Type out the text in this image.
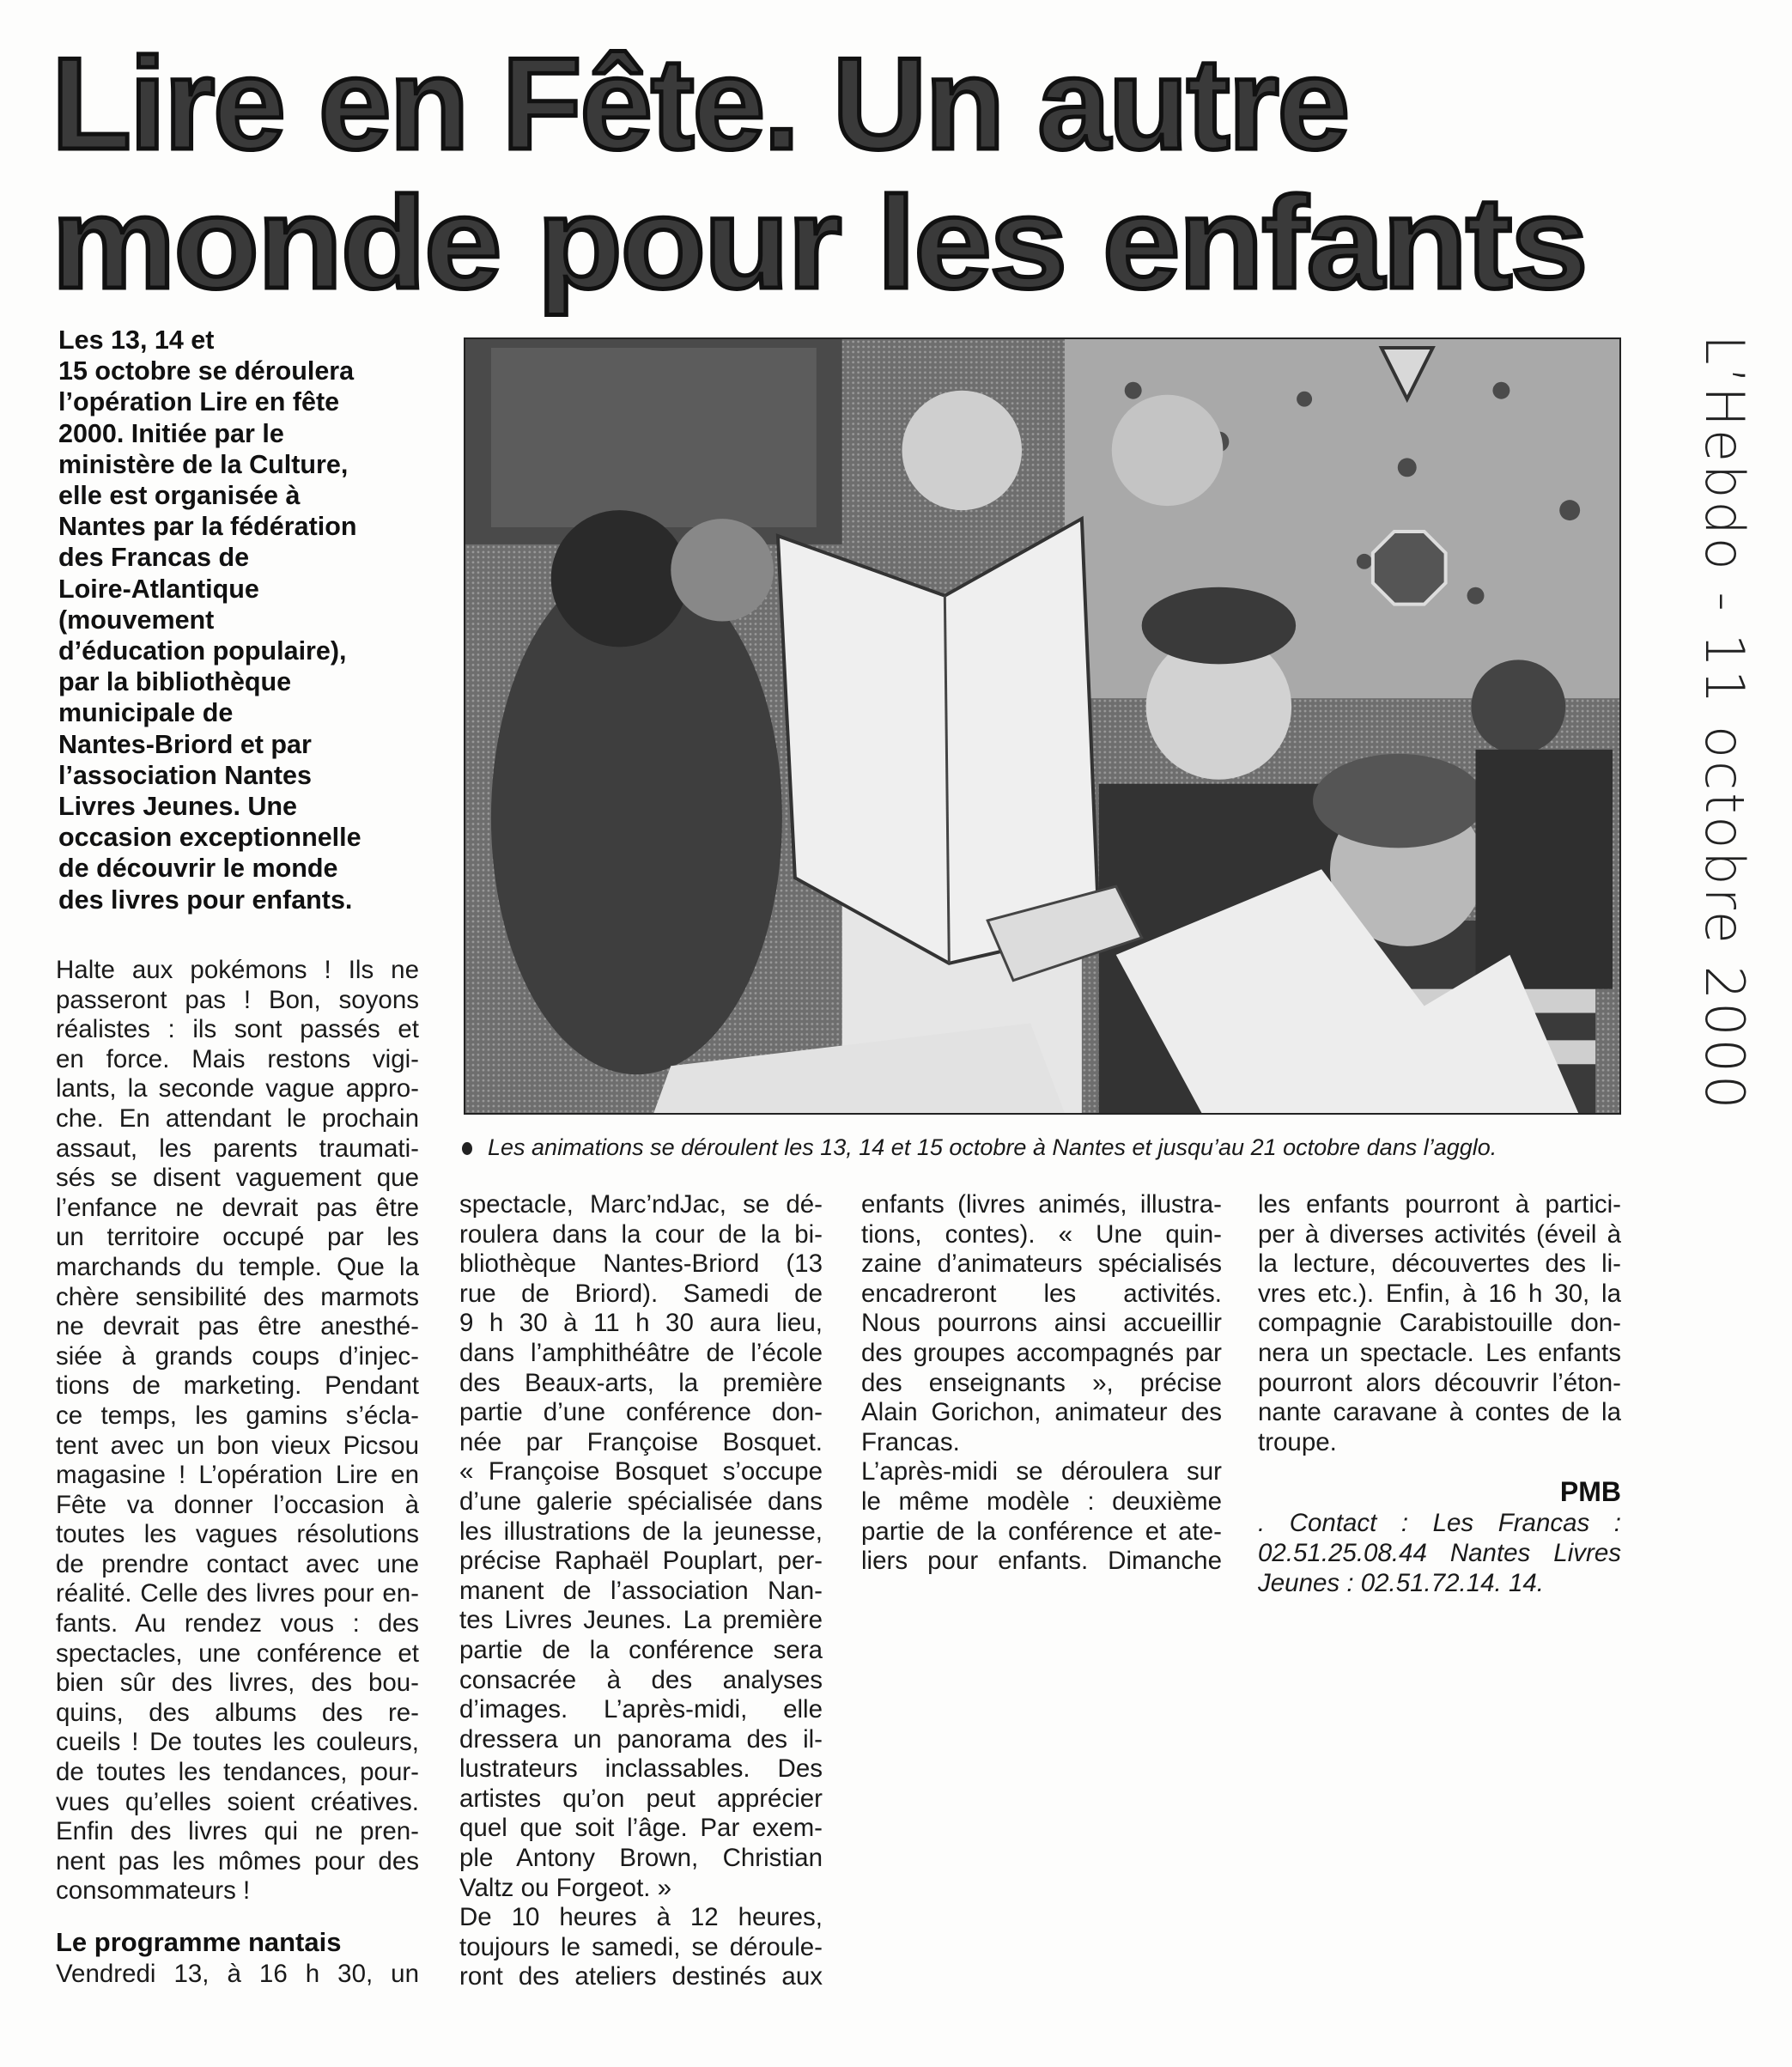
Lire en Fête. Un autre
monde pour les enfants
Les 13, 14 et
15 octobre se déroulera
l’opération Lire en fête
2000. Initiée par le
ministère de la Culture,
elle est organisée à
Nantes par la fédération
des Francas de
Loire-Atlantique
(mouvement
d’éducation populaire),
par la bibliothèque
municipale de
Nantes-Briord et par
l’association Nantes
Livres Jeunes. Une
occasion exceptionnelle
de découvrir le monde
des livres pour enfants.
Les animations se déroulent les 13, 14 et 15 octobre à Nantes et jusqu’au 21 octobre dans l’agglo.
L’Hebdo - 11 octobre 2000
Halte aux pokémons ! Ils ne
passeront pas ! Bon, soyons
réalistes : ils sont passés et
en force. Mais restons vigi-
lants, la seconde vague appro-
che. En attendant le prochain
assaut, les parents traumati-
sés se disent vaguement que
l’enfance ne devrait pas être
un territoire occupé par les
marchands du temple. Que la
chère sensibilité des marmots
ne devrait pas être anesthé-
siée à grands coups d’injec-
tions de marketing. Pendant
ce temps, les gamins s’écla-
tent avec un bon vieux Picsou
magasine ! L’opération Lire en
Fête va donner l’occasion à
toutes les vagues résolutions
de prendre contact avec une
réalité. Celle des livres pour en-
fants. Au rendez vous : des
spectacles, une conférence et
bien sûr des livres, des bou-
quins, des albums des re-
cueils ! De toutes les couleurs,
de toutes les tendances, pour-
vues qu’elles soient créatives.
Enfin des livres qui ne pren-
nent pas les mômes pour des
consommateurs !
Le programme nantais
Vendredi 13, à 16 h 30, un
spectacle, Marc’ndJac, se dé-
roulera dans la cour de la bi-
bliothèque Nantes-Briord (13
rue de Briord). Samedi de
9 h 30 à 11 h 30 aura lieu,
dans l’amphithéâtre de l’école
des Beaux-arts, la première
partie d’une conférence don-
née par Françoise Bosquet.
« Françoise Bosquet s’occupe
d’une galerie spécialisée dans
les illustrations de la jeunesse,
précise Raphaël Pouplart, per-
manent de l’association Nan-
tes Livres Jeunes. La première
partie de la conférence sera
consacrée à des analyses
d’images. L’après-midi, elle
dressera un panorama des il-
lustrateurs inclassables. Des
artistes qu’on peut apprécier
quel que soit l’âge. Par exem-
ple Antony Brown, Christian
Valtz ou Forgeot. »
De 10 heures à 12 heures,
toujours le samedi, se déroule-
ront des ateliers destinés aux
enfants (livres animés, illustra-
tions, contes). « Une quin-
zaine d’animateurs spécialisés
encadreront les activités.
Nous pourrons ainsi accueillir
des groupes accompagnés par
des enseignants », précise
Alain Gorichon, animateur des
Francas.
L’après-midi se déroulera sur
le même modèle : deuxième
partie de la conférence et ate-
liers pour enfants. Dimanche
les enfants pourront à partici-
per à diverses activités (éveil à
la lecture, découvertes des li-
vres etc.). Enfin, à 16 h 30, la
compagnie Carabistouille don-
nera un spectacle. Les enfants
pourront alors découvrir l’éton-
nante caravane à contes de la
troupe.
PMB
. Contact : Les Francas :
02.51.25.08.44 Nantes Livres
Jeunes : 02.51.72.14. 14.
